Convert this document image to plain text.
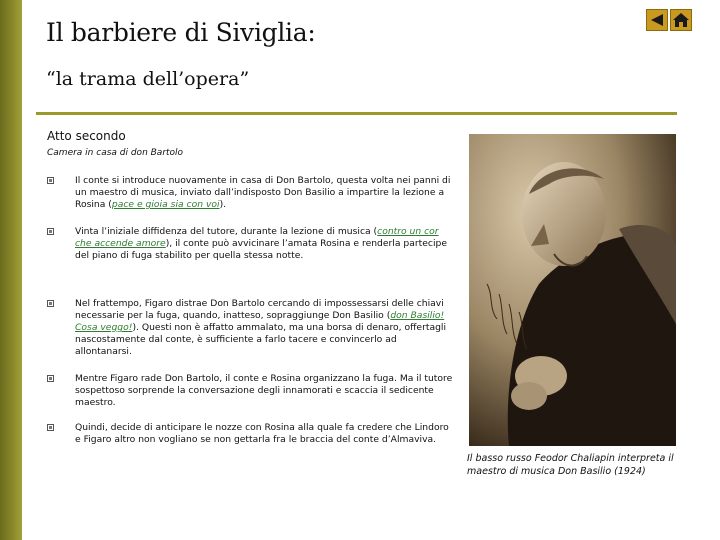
Il barbiere di Siviglia:
“la trama dell’opera”
Atto secondo
Camera in casa di don Bartolo
Il conte si introduce nuovamente in casa di Don Bartolo, questa volta nei panni di un maestro di musica, inviato dall’indisposto Don Basilio a impartire la lezione a Rosina (pace e gioia sia con voi).
Vinta l’iniziale diffidenza del tutore, durante la lezione di musica (contro un cor che accende amore), il conte può avvicinare l’amata Rosina e renderla partecipe del piano di fuga stabilito per quella stessa notte.
Nel frattempo, Figaro distrae Don Bartolo cercando di impossessarsi delle chiavi necessarie per la fuga, quando, inatteso, sopraggiunge Don Basilio (don Basilio! Cosa veggo!). Questi non è affatto ammalato, ma una borsa di denaro, offertagli nascostamente dal conte, è sufficiente a farlo tacere e convincerlo ad allontanarsi.
Mentre Figaro rade Don Bartolo, il conte e Rosina organizzano la fuga. Ma il tutore sospettoso sorprende la conversazione degli innamorati e scaccia il sedicente maestro.
Quindi, decide di anticipare le nozze con Rosina alla quale fa credere che Lindoro e Figaro altro non vogliano se non gettarla fra le braccia del conte d’Almaviva.
Il basso russo Feodor Chaliapin interpreta il maestro di musica Don Basilio (1924)
